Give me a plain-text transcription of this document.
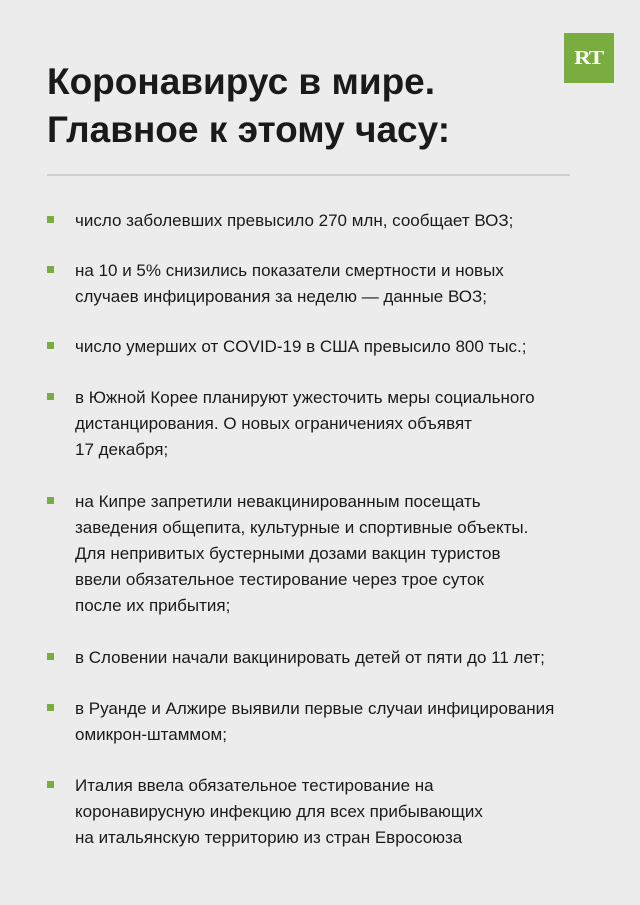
RT
Коронавирус в мире.
Главное к этому часу:
число заболевших превысило 270 млн, сообщает ВОЗ;
на 10 и 5% снизились показатели смертности и новых
случаев инфицирования за неделю — данные ВОЗ;
число умерших от COVID-19 в США превысило 800 тыс.;
в Южной Корее планируют ужесточить меры социального
дистанцирования. О новых ограничениях объявят
17 декабря;
на Кипре запретили невакцинированным посещать
заведения общепита, культурные и спортивные объекты.
Для непривитых бустерными дозами вакцин туристов
ввели обязательное тестирование через трое суток
после их прибытия;
в Словении начали вакцинировать детей от пяти до 11 лет;
в Руанде и Алжире выявили первые случаи инфицирования
омикрон-штаммом;
Италия ввела обязательное тестирование на
коронавирусную инфекцию для всех прибывающих
на итальянскую территорию из стран Евросоюза
